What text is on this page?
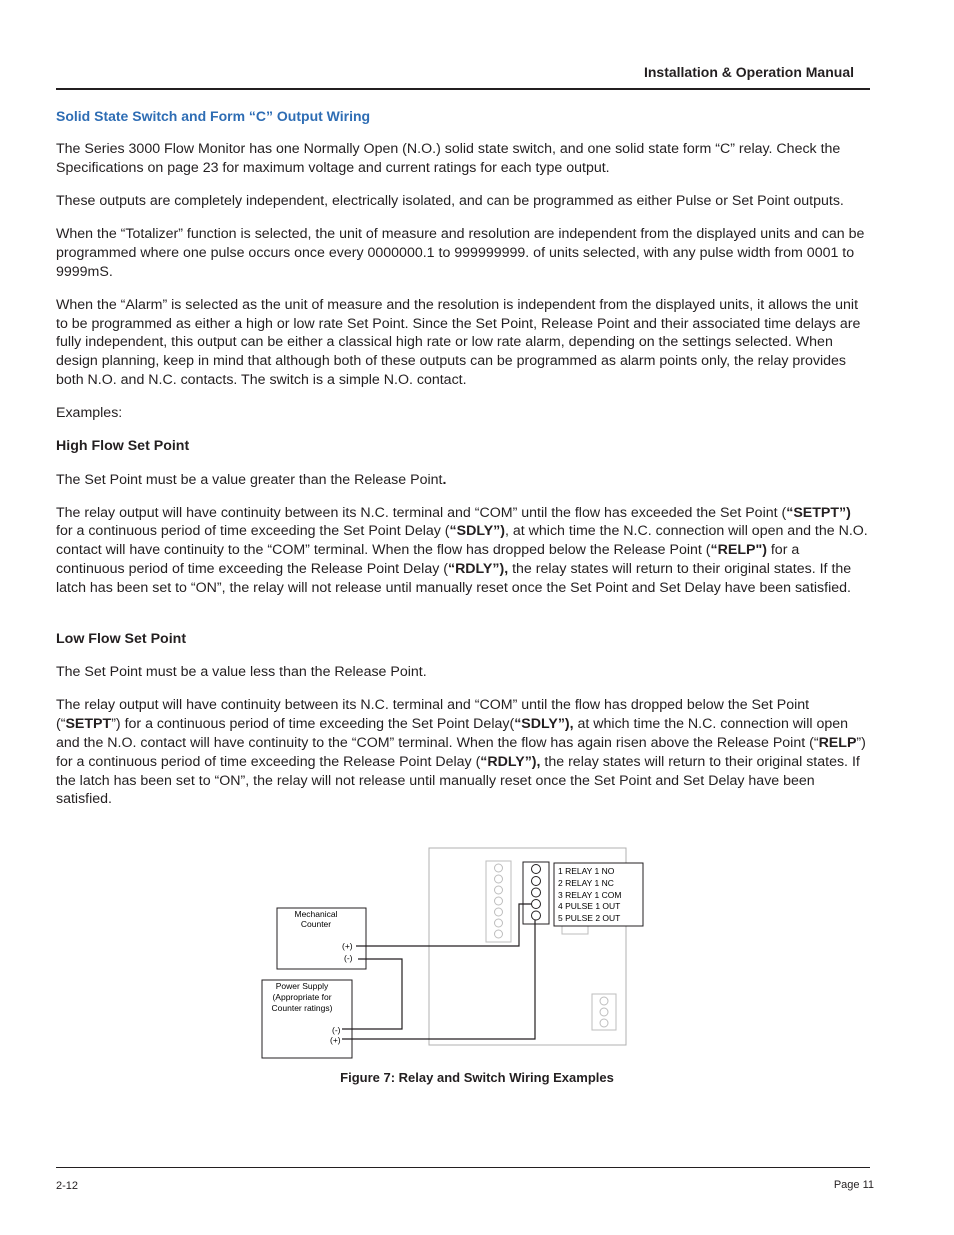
Installation & Operation Manual
Solid State Switch and Form “C” Output Wiring

The Series 3000 Flow Monitor has one Normally Open (N.O.) solid state switch, and one solid state form “C” relay. Check the Specifications on page 23 for maximum voltage and current ratings for each type output.

These outputs are completely independent, electrically isolated, and can be programmed as either Pulse or Set Point outputs.

When the “Totalizer” function is selected, the unit of measure and resolution are independent from the displayed units and can be programmed where one pulse occurs once every 0000000.1 to 999999999. of units selected, with any pulse width from 0001 to 9999mS.

When the “Alarm” is selected as the unit of measure and the resolution is independent from the displayed units, it allows the unit to be programmed as either a high or low rate Set Point. Since the Set Point, Release Point and their associated time delays are fully independent, this output can be either a classical high rate or low rate alarm, depending on the settings selected. When design planning, keep in mind that although both of these outputs can be programmed as alarm points only, the relay provides both N.O. and N.C. contacts. The switch is a simple N.O. contact.

Examples:

High Flow Set Point

The Set Point must be a value greater than the Release Point.

The relay output will have continuity between its N.C. terminal and “COM” until the flow has exceeded the Set Point (“SETPT”) for a continuous period of time exceeding the Set Point Delay (“SDLY”), at which time the N.C. connection will open and the N.O. contact will have continuity to the “COM” terminal. When the flow has dropped below the Release Point (“RELP") for a continuous period of time exceeding the Release Point Delay (“RDLY”), the relay states will return to their original states. If the latch has been set to “ON”, the relay will not release until manually reset once the Set Point and Set Delay have been satisfied.

Low Flow Set Point

The Set Point must be a value less than the Release Point.

The relay output will have continuity between its N.C. terminal and “COM” until the flow has dropped below the Set Point (“SETPT”) for a continuous period of time exceeding the Set Point Delay(“SDLY”), at which time the N.C. connection will open and the N.O. contact will have continuity to the “COM” terminal. When the flow has again risen above the Release Point (“RELP”) for a continuous period of time exceeding the Release Point Delay (“RDLY”), the relay states will return to their original states. If the latch has been set to “ON”, the relay will not release until manually reset once the Set Point and Set Delay have been satisfied.

1 RELAY 1 NO
2 RELAY 1 NC
3 RELAY 1 COM
4 PULSE 1 OUT
5 PULSE 2 OUT
Mechanical
Counter
(+)
(-)
Power Supply
(Appropriate for
Counter ratings)
(-)
(+)
Figure 7: Relay and Switch Wiring Examples
2-12	Page 11
